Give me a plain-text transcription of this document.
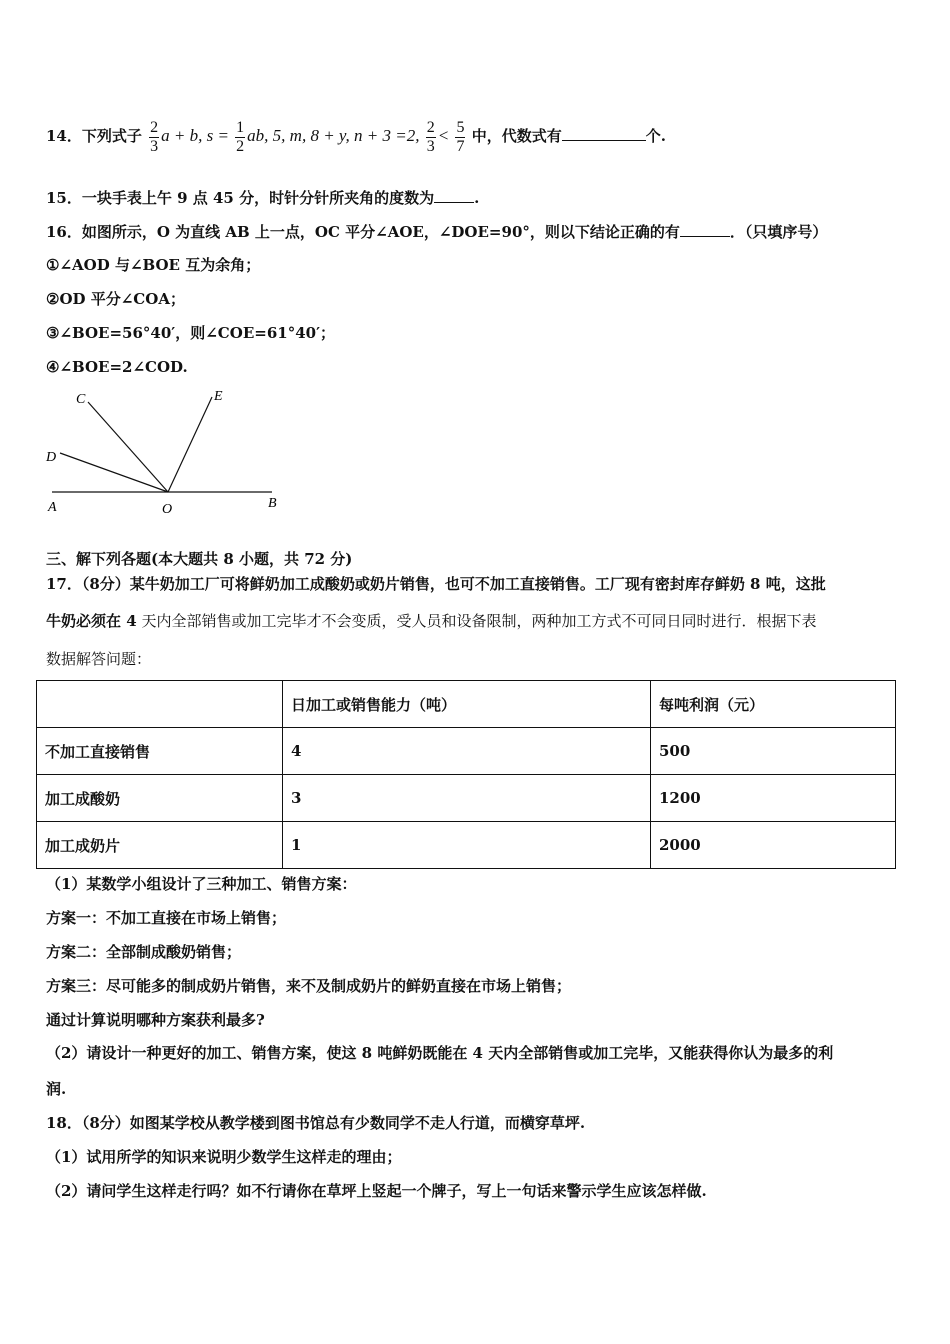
14．下列式子 $\frac{2}{3}$ a + b, $s = \frac{1}{2}$ ab, 5, m, 8 + y, n + 3 =2, $\frac{2}{3} < \frac{5}{7}$ 中，代数式有	个.
15．一块手表上午 9 点 45 分，时针分针所夹角的度数为	.
16．如图所示，O 为直线 AB 上一点，OC 平分∠AOE，∠DOE=90°，则以下结论正确的有	．（只填序号）
①∠AOD 与∠BOE 互为余角；
②OD 平分∠COA；
③∠BOE=56°40′，则∠COE=61°40′；
④∠BOE=2∠COD.
C	E
D
A	O	B
三、解下列各题(本大题共 8 小题，共 72 分)
17．（8分）某牛奶加工厂可将鲜奶加工成酸奶或奶片销售，也可不加工直接销售。工厂现有密封库存鲜奶 8 吨，这批
牛奶必须在 4 天内全部销售或加工完毕才不会变质，受人员和设备限制，两种加工方式不可同日同时进行．根据下表
数据解答问题：
	日加工或销售能力（吨）	每吨利润（元）
不加工直接销售	4	500
加工成酸奶	3	1200
加工成奶片	1	2000
（1）某数学小组设计了三种加工、销售方案：
方案一：不加工直接在市场上销售；
方案二：全部制成酸奶销售；
方案三：尽可能多的制成奶片销售，来不及制成奶片的鲜奶直接在市场上销售；
通过计算说明哪种方案获利最多?
（2）请设计一种更好的加工、销售方案，使这 8 吨鲜奶既能在 4 天内全部销售或加工完毕，又能获得你认为最多的利
润.
18．（8分）如图某学校从教学楼到图书馆总有少数同学不走人行道，而横穿草坪.
（1）试用所学的知识来说明少数学生这样走的理由；
（2）请问学生这样走行吗？如不行请你在草坪上竖起一个牌子，写上一句话来警示学生应该怎样做.
